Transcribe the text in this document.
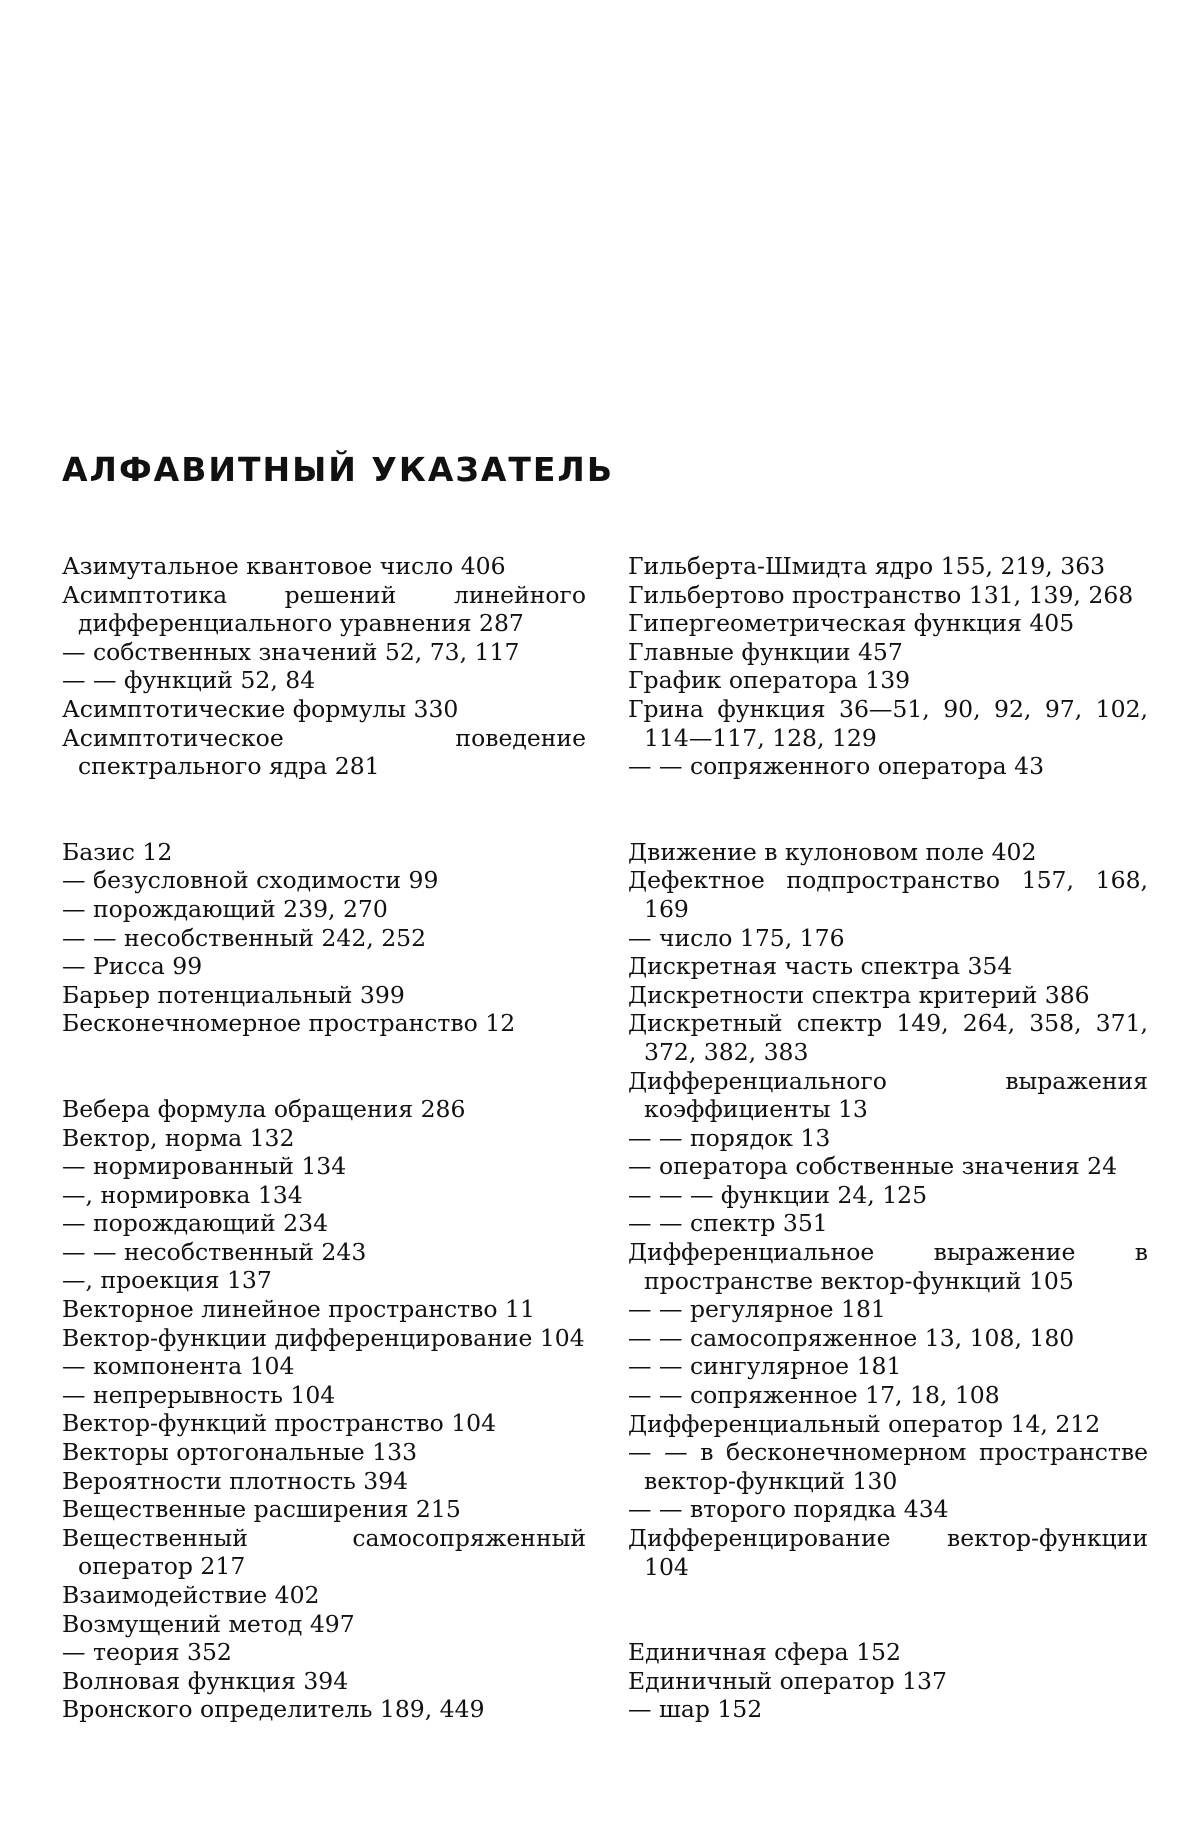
АЛФАВИТНЫЙ УКАЗАТЕЛЬ

Азимутальное квантовое число 406

Асимптотика решений линейного дифференциального уравнения 287

— собственных значений 52, 73, 117

— — функций 52, 84

Асимптотические формулы 330

Асимптотическое поведение спектрального ядра 281

Базис 12

— безусловной сходимости 99

— порождающий 239, 270

— — несобственный 242, 252

— Рисса 99

Барьер потенциальный 399

Бесконечномерное пространство 12

Вебера формула обращения 286

Вектор, норма 132

— нормированный 134

—, нормировка 134

— порождающий 234

— — несобственный 243

—, проекция 137

Векторное линейное пространство 11

Вектор-функции дифференцирование 104

— компонента 104

— непрерывность 104

Вектор-функций пространство 104

Векторы ортогональные 133

Вероятности плотность 394

Вещественные расширения 215

Вещественный самосопряженный оператор 217

Взаимодействие 402

Возмущений метод 497

— теория 352

Волновая функция 394

Вронского определитель 189, 449

Гильберта-Шмидта ядро 155, 219, 363

Гильбертово пространство 131, 139, 268

Гипергеометрическая функция 405

Главные функции 457

График оператора 139

Грина функция 36—51, 90, 92, 97, 102, 114—117, 128, 129

— — сопряженного оператора 43

Движение в кулоновом поле 402

Дефектное подпространство 157, 168, 169

— число 175, 176

Дискретная часть спектра 354

Дискретности спектра критерий 386

Дискретный спектр 149, 264, 358, 371, 372, 382, 383

Дифференциального выражения коэффициенты 13

— — порядок 13

— оператора собственные значения 24

— — — функции 24, 125

— — спектр 351

Дифференциальное выражение в пространстве вектор-функций 105

— — регулярное 181

— — самосопряженное 13, 108, 180

— — сингулярное 181

— — сопряженное 17, 18, 108

Дифференциальный оператор 14, 212

— — в бесконечномерном пространстве вектор-функций 130

— — второго порядка 434

Дифференцирование вектор-функции 104

Единичная сфера 152

Единичный оператор 137

— шар 152
